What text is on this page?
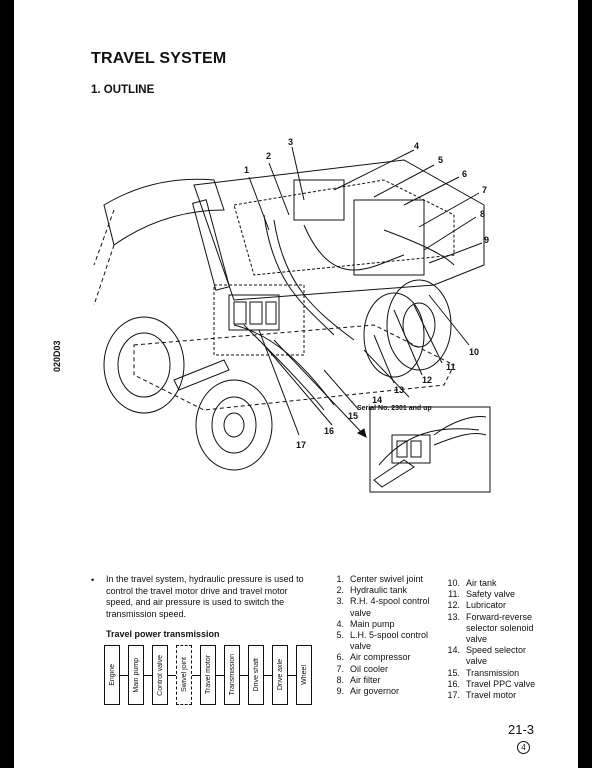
TRAVEL SYSTEM
1. OUTLINE
020D03
1
2
3	4
5
6
7
8
9
10
11
12
13
14
15
16
17
Serial No. 2301 and up
• In the travel system, hydraulic pressure is used to control the travel motor drive and travel motor speed, and air pressure is used to switch the transmission speed.
Travel power transmission
Engine Main pump Control valve Swivel joint Travel motor Transmission Drive shaft Drive axle Wheel
1. Center swivel joint
2. Hydraulic tank
3. R.H. 4-spool control
valve
4. Main pump
5. L.H. 5-spool control
valve
6. Air compressor
7. Oil cooler
8. Air filter
9. Air governor
10. Air tank
11. Safety valve
12. Lubricator
13. Forward-reverse
selector solenoid
valve
14. Speed selector
valve
15. Transmission
16. Travel PPC valve
17. Travel motor
21-3
4
